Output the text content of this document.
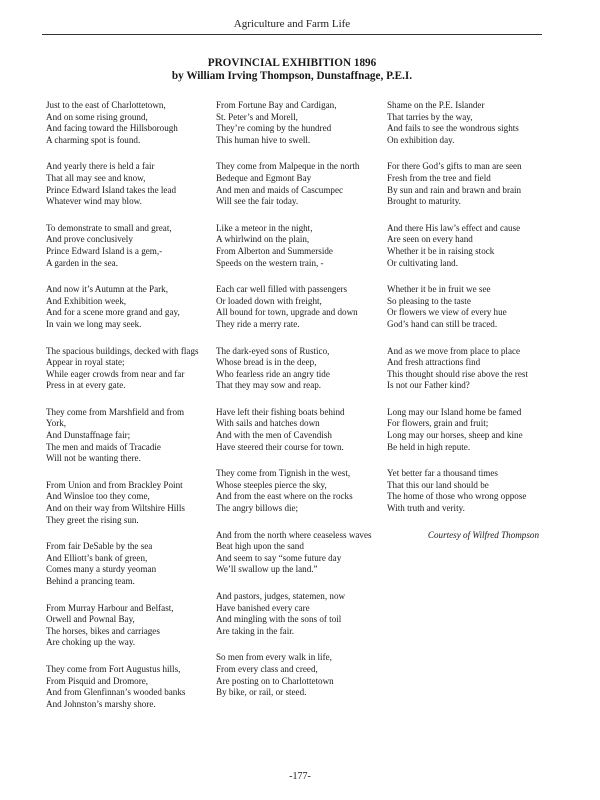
Agriculture and Farm Life
PROVINCIAL EXHIBITION 1896
by William Irving Thompson, Dunstaffnage, P.E.I.
Just to the east of Charlottetown,
And on some rising ground,
And facing toward the Hillsborough
A charming spot is found.
And yearly there is held a fair
That all may see and know,
Prince Edward Island takes the lead
Whatever wind may blow.
To demonstrate to small and great,
And prove conclusively
Prince Edward Island is a gem,-
A garden in the sea.
And now it’s Autumn at the Park,
And Exhibition week,
And for a scene more grand and gay,
In vain we long may seek.
The spacious buildings, decked with flags
Appear in royal state;
While eager crowds from near and far
Press in at every gate.
They come from Marshfield and from York,
And Dunstaffnage fair;
The men and maids of Tracadie
Will not be wanting there.
From Union and from Brackley Point
And Winsloe too they come,
And on their way from Wiltshire Hills
They greet the rising sun.
From fair DeSable by the sea
And Elliott’s bank of green,
Comes many a sturdy yeoman
Behind a prancing team.
From Murray Harbour and Belfast,
Orwell and Pownal Bay,
The horses, bikes and carriages
Are choking up the way.
They come from Fort Augustus hills,
From Pisquid and Dromore,
And from Glenfinnan’s wooded banks
And Johnston’s marshy shore.
From Fortune Bay and Cardigan,
St. Peter’s and Morell,
They’re coming by the hundred
This human hive to swell.
They come from Malpeque in the north
Bedeque and Egmont Bay
And men and maids of Cascumpec
Will see the fair today.
Like a meteor in the night,
A whirlwind on the plain,
From Alberton and Summerside
Speeds on the western train, -
Each car well filled with passengers
Or loaded down with freight,
All bound for town, upgrade and down
They ride a merry rate.
The dark-eyed sons of Rustico,
Whose bread is in the deep,
Who fearless ride an angry tide
That they may sow and reap.
Have left their fishing boats behind
With sails and hatches down
And with the men of Cavendish
Have steered their course for town.
They come from Tignish in the west,
Whose steeples pierce the sky,
And from the east where on the rocks
The angry billows die;
And from the north where ceaseless waves
Beat high upon the sand
And seem to say “some future day
We’ll swallow up the land.”
And pastors, judges, statemen, now
Have banished every care
And mingling with the sons of toil
Are taking in the fair.
So men from every walk in life,
From every class and creed,
Are posting on to Charlottetown
By bike, or rail, or steed.
Shame on the P.E. Islander
That tarries by the way,
And fails to see the wondrous sights
On exhibition day.
For there God’s gifts to man are seen
Fresh from the tree and field
By sun and rain and brawn and brain
Brought to maturity.
And there His law’s effect and cause
Are seen on every hand
Whether it be in raising stock
Or cultivating land.
Whether it be in fruit we see
So pleasing to the taste
Or flowers we view of every hue
God’s hand can still be traced.
And as we move from place to place
And fresh attractions find
This thought should rise above the rest
Is not our Father kind?
Long may our Island home be famed
For flowers, grain and fruit;
Long may our horses, sheep and kine
Be held in high repute.
Yet better far a thousand times
That this our land should be
The home of those who wrong oppose
With truth and verity.
Courtesy of Wilfred Thompson
-177-
